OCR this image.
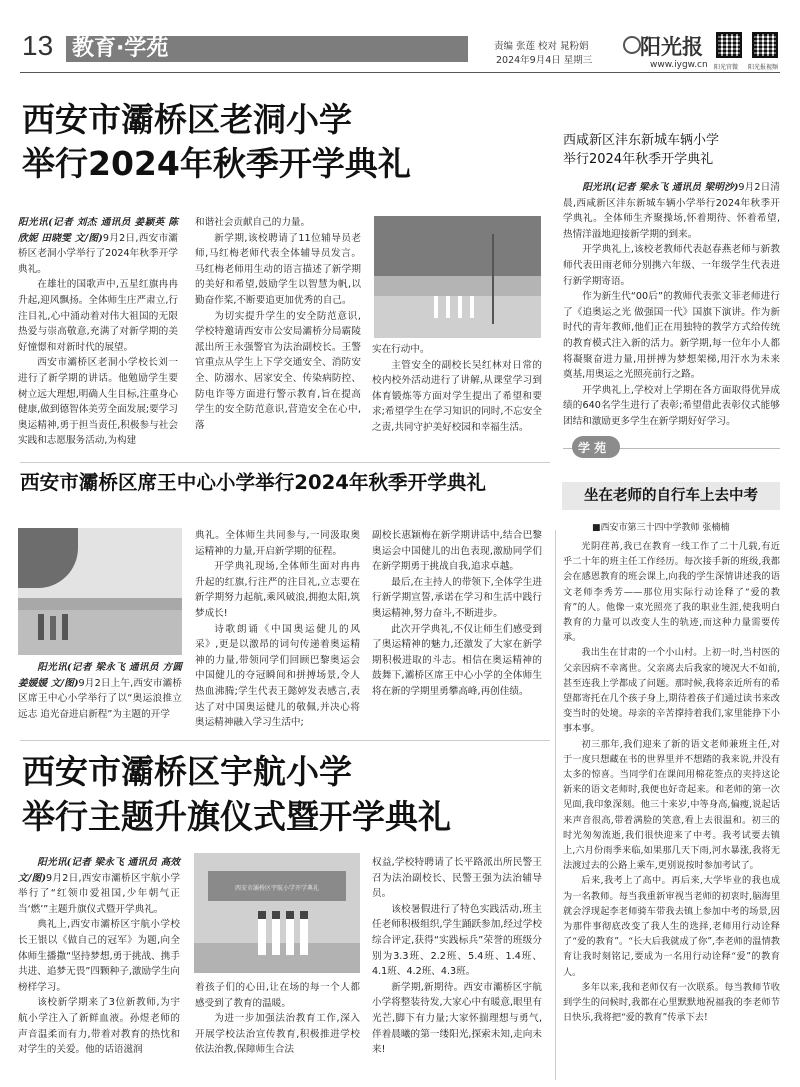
13 教育·学苑	责编 张莲 校对 晁粉娟
2024年9月4日 星期三
阳光报
www.iygw.cn 阳光官微 阳光报视频
西安市灞桥区老洞小学
举行2024年秋季开学典礼

阳光讯(记者 刘杰 通讯员 姜颖英 陈欣妮 田晓雯 文/图)9月2日,西安市灞桥区老洞小学举行了2024年秋季开学典礼。

在雄壮的国歌声中,五星红旗冉冉升起,迎风飘扬。全体师生庄严肃立,行注目礼,心中涌动着对伟大祖国的无限热爱与崇高敬意,充满了对新学期的美好憧憬和对新时代的展望。

西安市灞桥区老洞小学校长刘一进行了新学期的讲话。他勉励学生要树立远大理想,明确人生目标,注重身心健康,做到德智体美劳全面发展;要学习奥运精神,勇于担当责任,积极参与社会实践和志愿服务活动,为构建

和谐社会贡献自己的力量。

新学期,该校聘请了11位辅导员老师,马红梅老师代表全体辅导员发言。马红梅老师用生动的语言描述了新学期的美好和希望,鼓励学生以智慧为帆,以勤奋作桨,不断要追更加优秀的自己。

为切实提升学生的安全防范意识,学校特邀请西安市公安局灞桥分局霸陵派出所王永强警官为法治副校长。王警官重点从学生上下学交通安全、消防安全、防溺水、居家安全、传染病防控、防电诈等方面进行警示教育,旨在提高学生的安全防范意识,营造安全在心中,落

实在行动中。

主管安全的副校长吴红林对日常的校内校外活动进行了讲解,从课堂学习到体育锻炼等方面对学生提出了希望和要求;希望学生在学习知识的同时,不忘安全之责,共同守护美好校园和幸福生活。

西咸新区沣东新城车辆小学
举行2024年秋季开学典礼

阳光讯(记者 梁永飞 通讯员 梁明沙)9月2日清晨,西咸新区沣东新城车辆小学举行2024年秋季开学典礼。全体师生齐聚操场,怀着期待、怀着希望,热情洋溢地迎接新学期的到来。

开学典礼上,该校老教师代表赵春燕老师与新教师代表田雨老师分别携六年级、一年级学生代表进行新学期寄语。

作为新生代“00后”的教师代表张文菲老师进行了《追奥运之光 做强国一代》国旗下演讲。作为新时代的青年教师,他们正在用独特的教学方式给传统的教育模式注入新的活力。新学期,每一位年小人都将凝聚奋进力量,用拼搏为梦想架梯,用汗水为未来奠基,用奥运之光照亮前行之路。

开学典礼上,学校对上学期在各方面取得优异成绩的640名学生进行了表彰;希望借此表彰仪式能够团结和激励更多学生在新学期好好学习。

学 苑
西安市灞桥区席王中心小学举行2024年秋季开学典礼

阳光讯(记者 梁永飞 通讯员 方圆 姜媛媛 文/图)9月2日上午,西安市灞桥区席王中心小学举行了以“奥运浪推立远志 追光奋进启新程”为主题的开学

典礼。全体师生共同参与,一同汲取奥运精神的力量,开启新学期的征程。

开学典礼现场,全体师生面对冉冉升起的红旗,行注严的注目礼,立志要在新学期努力起航,乘风破浪,拥抱太阳,筑梦成长!

诗歌朗诵《中国奥运健儿的风采》,更是以激昂的词句传递着奥运精神的力量,带领同学们回顾巴黎奥运会中国健儿的夺冠瞬间和拼搏场景,令人热血沸腾;学生代表王懿婷发表感言,表达了对中国奥运健儿的敬佩,并决心将奥运精神融入学习生活中;

副校长惠颖梅在新学期讲话中,结合巴黎奥运会中国健儿的出色表现,激励同学们在新学期勇于挑战自我,追求卓越。

最后,在主持人的带领下,全体学生进行新学期宣誓,承诺在学习和生活中践行奥运精神,努力奋斗,不断进步。

此次开学典礼,不仅让师生们感受到了奥运精神的魅力,还激发了大家在新学期积极进取的斗志。相信在奥运精神的鼓舞下,灞桥区席王中心小学的全体师生将在新的学期里勇攀高峰,再创佳绩。

西安市灞桥区宇航小学
举行主题升旗仪式暨开学典礼

阳光讯(记者 梁永飞 通讯员 高效 文/图)9月2日,西安市灞桥区宇航小学举行了“红领巾爱祖国,少年朝气正当‘燃’”主题升旗仪式暨开学典礼。

典礼上,西安市灞桥区宇航小学校长王银以《做自己的冠军》为题,向全体师生播撒“坚持梦想,勇于挑战、携手共进、追梦无畏”四颗种子,激励学生向榜样学习。

该校新学期来了3位新教师,为宇航小学注入了新鲜血液。孙煜老师的声音温柔而有力,带着对教育的热忱和对学生的关爱。他的话语滋润

西安市灞桥区宇航小学开学典礼

着孩子们的心田,让在场的每一个人都感受到了教育的温暖。

为进一步加强法治教育工作,深入开展学校法治宣传教育,积极推进学校依法治教,保障师生合法

权益,学校特聘请了长平路派出所民警王召为法治副校长、民警王强为法治辅导员。

该校暑假进行了特色实践活动,班主任老师积极组织,学生踊跃参加,经过学校综合评定,获得“实践标兵”荣誉的班级分别为3.3班、2.2班、5.4班、1.4班、4.1班、4.2班、4.3班。

新学期,新期待。西安市灞桥区宇航小学将整装待发,大家心中有暖意,眼里有光芒,脚下有力量;大家怀揣理想与勇气,伴着晨曦的第一缕阳光,探索未知,走向未来!

坐在老师的自行车上去中考
■西安市第三十四中学教师 张楠楠

光阴荏苒,我已在教育一线工作了二十几载,有近乎二十年的班主任工作经历。每次接手新的班级,我都会在感恩教育的班会课上,向我的学生深情讲述我的语文老师李秀芳——那位用实际行动诠释了“爱的教育”的人。他像一束光照亮了我的职业生涯,使我明白教育的力量可以改变人生的轨迹,而这种力量需要传承。

我出生在甘肃的一个小山村。上初一时,当村医的父亲因病不幸离世。父亲离去后我家的境况大不如前,甚至连我上学都成了问题。那时候,我将亲近所有的希望都寄托在几个孩子身上,期待着孩子们通过读书来改变当时的处境。母亲的辛苦撑持着我们,家里能挣下小事本事。

初三那年,我们迎来了新的语文老师兼班主任,对于一度只想藏在书的世界里并不想踏的我来说,并没有太多的惊喜。当同学们在课间用棉花签点的夹持这论新来的语文老师时,我便也好奇起来。和老师的第一次见面,我印象深刻。他三十来岁,中等身高,偏瘦,说起话来声音很高,带着满脸的笑意,看上去很温和。初三的时光匆匆流逝,我们很快迎来了中考。我考试要去镇上,六月份雨季来临,如果那几天下雨,河水暴涨,我将无法渡过去的公路上乘车,更别说按时参加考试了。

后来,我考上了高中。再后来,大学毕业的我也成为一名教师。每当我重新审视当老师的初衷时,脑海里就会浮现起李老师骑车带我去镇上参加中考的场景,因为那件事彻底改变了我人生的选择,老师用行动诠释了“爱的教育”。“长大后我就成了你”,李老师的温情教育让我时刻铭记,要成为一名用行动诠释“爱”的教育人。

多年以来,我和老师仅有一次联系。每当教师节收到学生的问候时,我都在心里默默地祝福我的李老师节日快乐,我将把“爱的教育”传承下去!
